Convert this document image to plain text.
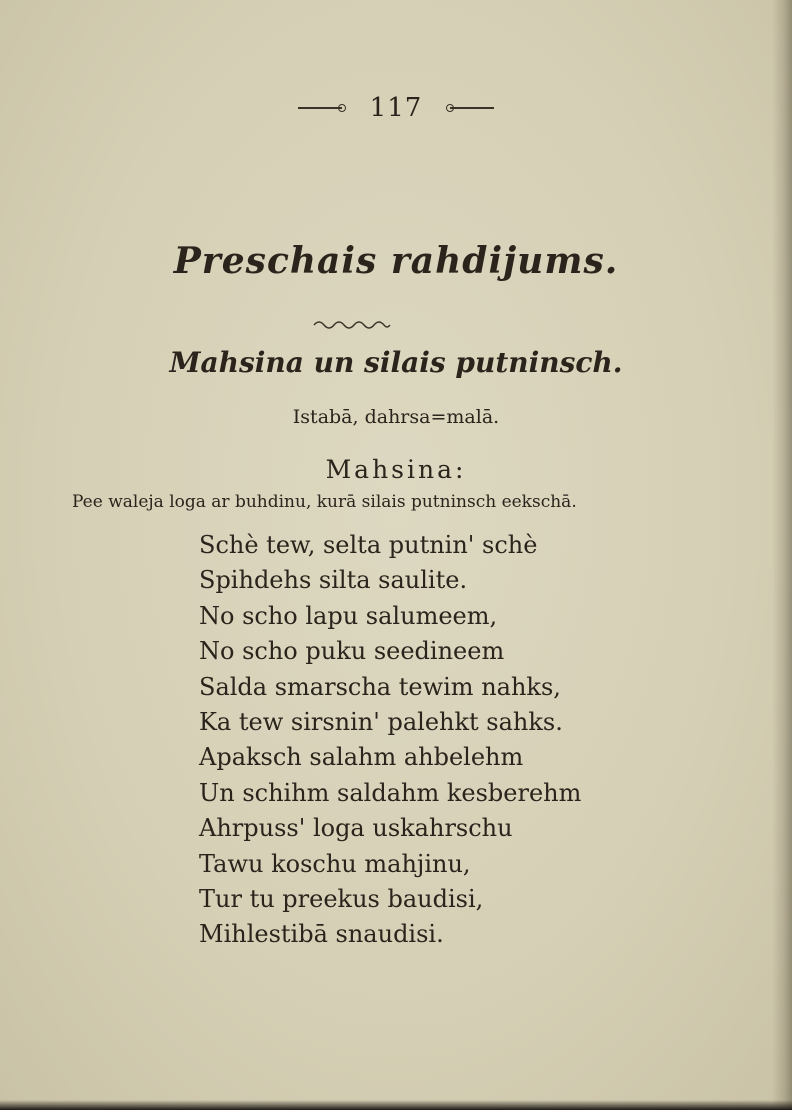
117
Preschais rahdijums.
Mahsina un silais putninsch.
Istabā, dahrsa=malā.
Mahsina:
Pee waleja loga ar buhdinu, kurā silais putninsch eekschā.
Schè tew, selta putnin' schè
Spihdehs silta saulite.
No scho lapu salumeem,
No scho puku seedineem
Salda smarscha tewim nahks,
Ka tew sirsnin' palehkt sahks.
Apaksch salahm ahbelehm
Un schihm saldahm kesberehm
Ahrpuss' loga uskahrschu
Tawu koschu mahjinu,
Tur tu preekus baudisi,
Mihlestibā snaudisi.
